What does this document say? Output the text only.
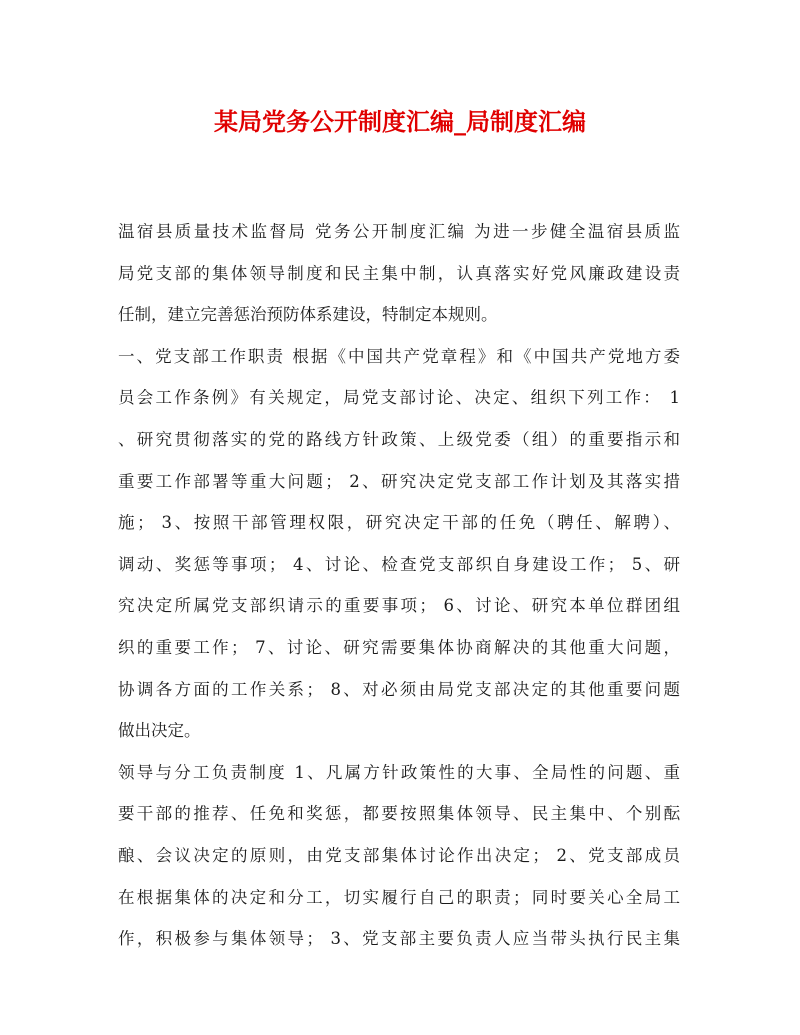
某局党务公开制度汇编_局制度汇编
温宿县质量技术监督局 党务公开制度汇编 为进一步健全温宿县质监
局党支部的集体领导制度和民主集中制，认真落实好党风廉政建设责
任制，建立完善惩治预防体系建设，特制定本规则。
一、党支部工作职责 根据《中国共产党章程》和《中国共产党地方委
员会工作条例》有关规定，局党支部讨论、决定、组织下列工作： 1
、研究贯彻落实的党的路线方针政策、上级党委（组）的重要指示和
重要工作部署等重大问题； 2、研究决定党支部工作计划及其落实措
施； 3、按照干部管理权限，研究决定干部的任免（聘任、解聘）、
调动、奖惩等事项； 4、讨论、检查党支部织自身建设工作； 5、研
究决定所属党支部织请示的重要事项； 6、讨论、研究本单位群团组
织的重要工作； 7、讨论、研究需要集体协商解决的其他重大问题，
协调各方面的工作关系； 8、对必须由局党支部决定的其他重要问题
做出决定。
领导与分工负责制度 1、凡属方针政策性的大事、全局性的问题、重
要干部的推荐、任免和奖惩，都要按照集体领导、民主集中、个别酝
酿、会议决定的原则，由党支部集体讨论作出决定； 2、党支部成员
在根据集体的决定和分工，切实履行自己的职责；同时要关心全局工
作，积极参与集体领导； 3、党支部主要负责人应当带头执行民主集
